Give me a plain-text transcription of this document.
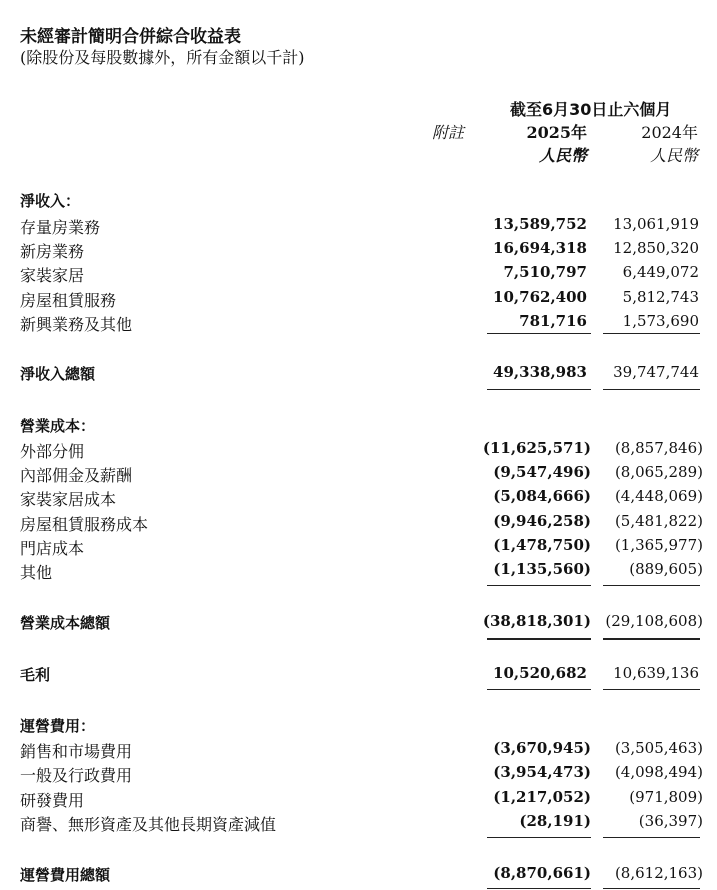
未經審計簡明合併綜合收益表
(除股份及每股數據外，所有金額以千計)
截至6月30日止六個月
附註	2025年	2024年
人民幣	人民幣
淨收入：
存量房業務	13,589,752	13,061,919
新房業務	16,694,318	12,850,320
家裝家居	7,510,797	6,449,072
房屋租賃服務	10,762,400	5,812,743
新興業務及其他	781,716	1,573,690
淨收入總額	49,338,983	39,747,744
營業成本：
外部分佣	(11,625,571)	(8,857,846)
內部佣金及薪酬	(9,547,496)	(8,065,289)
家裝家居成本	(5,084,666)	(4,448,069)
房屋租賃服務成本	(9,946,258)	(5,481,822)
門店成本	(1,478,750)	(1,365,977)
其他	(1,135,560)	(889,605)
營業成本總額	(38,818,301) (29,108,608)
毛利	10,520,682	10,639,136
運營費用：
銷售和市場費用	(3,670,945)	(3,505,463)
一般及行政費用	(3,954,473)	(4,098,494)
研發費用	(1,217,052)	(971,809)
商譽、無形資產及其他長期資產減值	(28,191)	(36,397)
運營費用總額	(8,870,661)	(8,612,163)
